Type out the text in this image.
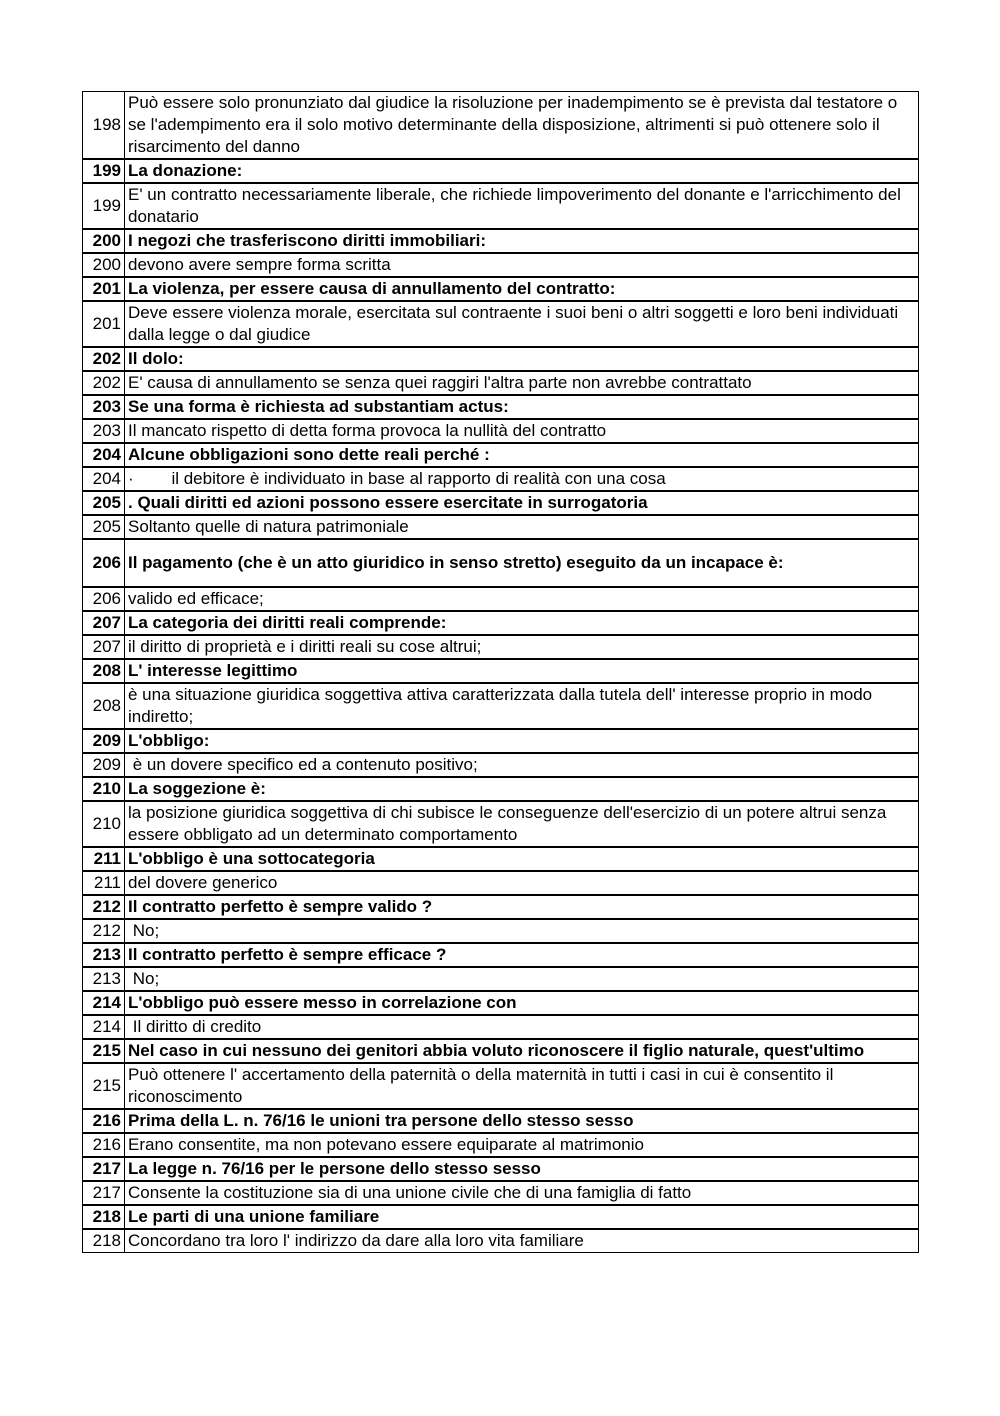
198	Può essere solo pronunziato dal giudice la risoluzione per inadempimento se è prevista dal testatore o se l'adempimento era il solo motivo determinante della disposizione, altrimenti si può ottenere solo il risarcimento del danno
199	La donazione:
199	E' un contratto necessariamente liberale, che richiede limpoverimento del donante e l'arricchimento del donatario
200	I negozi che trasferiscono diritti immobiliari:
200	devono avere sempre forma scritta
201	La violenza, per essere causa di annullamento del contratto:
201	Deve essere violenza morale, esercitata sul contraente i suoi beni o altri soggetti e loro beni individuati dalla legge o dal giudice
202	Il dolo:
202	E' causa di annullamento se senza quei raggiri l'altra parte non avrebbe contrattato
203	Se una forma è richiesta ad substantiam actus:
203	Il mancato rispetto di detta forma provoca la nullità del contratto
204	Alcune obbligazioni sono dette reali perché :
204	·        il debitore è individuato in base al rapporto di realità con una cosa
205	. Quali diritti ed azioni possono essere esercitate in surrogatoria
205	Soltanto quelle di natura patrimoniale
206	Il pagamento (che è un atto giuridico in senso stretto) eseguito da un incapace è:
206	valido ed efficace;
207	La categoria dei diritti reali comprende:
207	il diritto di proprietà e i diritti reali su cose altrui;
208	L' interesse legittimo
208	è una situazione giuridica soggettiva attiva caratterizzata dalla tutela dell' interesse proprio in modo indiretto;
209	L'obbligo:
209	è un dovere specifico ed a contenuto positivo;
210	La soggezione è:
210	la posizione giuridica soggettiva di chi subisce le conseguenze dell'esercizio di un potere altrui senza essere obbligato ad un determinato comportamento
211	L'obbligo è una sottocategoria
211	del dovere generico
212	Il contratto perfetto è sempre valido ?
212	No;
213	Il contratto perfetto è sempre efficace ?
213	No;
214	L'obbligo può essere messo in correlazione con
214	Il diritto di credito
215	Nel caso in cui nessuno dei genitori abbia voluto riconoscere il figlio naturale, quest'ultimo
215	Può ottenere l' accertamento della paternità o della maternità in tutti i casi in cui è consentito il riconoscimento
216	Prima della L. n. 76/16 le unioni tra persone dello stesso sesso
216	Erano consentite, ma non potevano essere equiparate al matrimonio
217	La legge n. 76/16 per le persone dello stesso sesso
217	Consente la costituzione sia di una unione civile che di una famiglia di fatto
218	Le parti di una unione familiare
218	Concordano tra loro l' indirizzo da dare alla loro vita familiare
